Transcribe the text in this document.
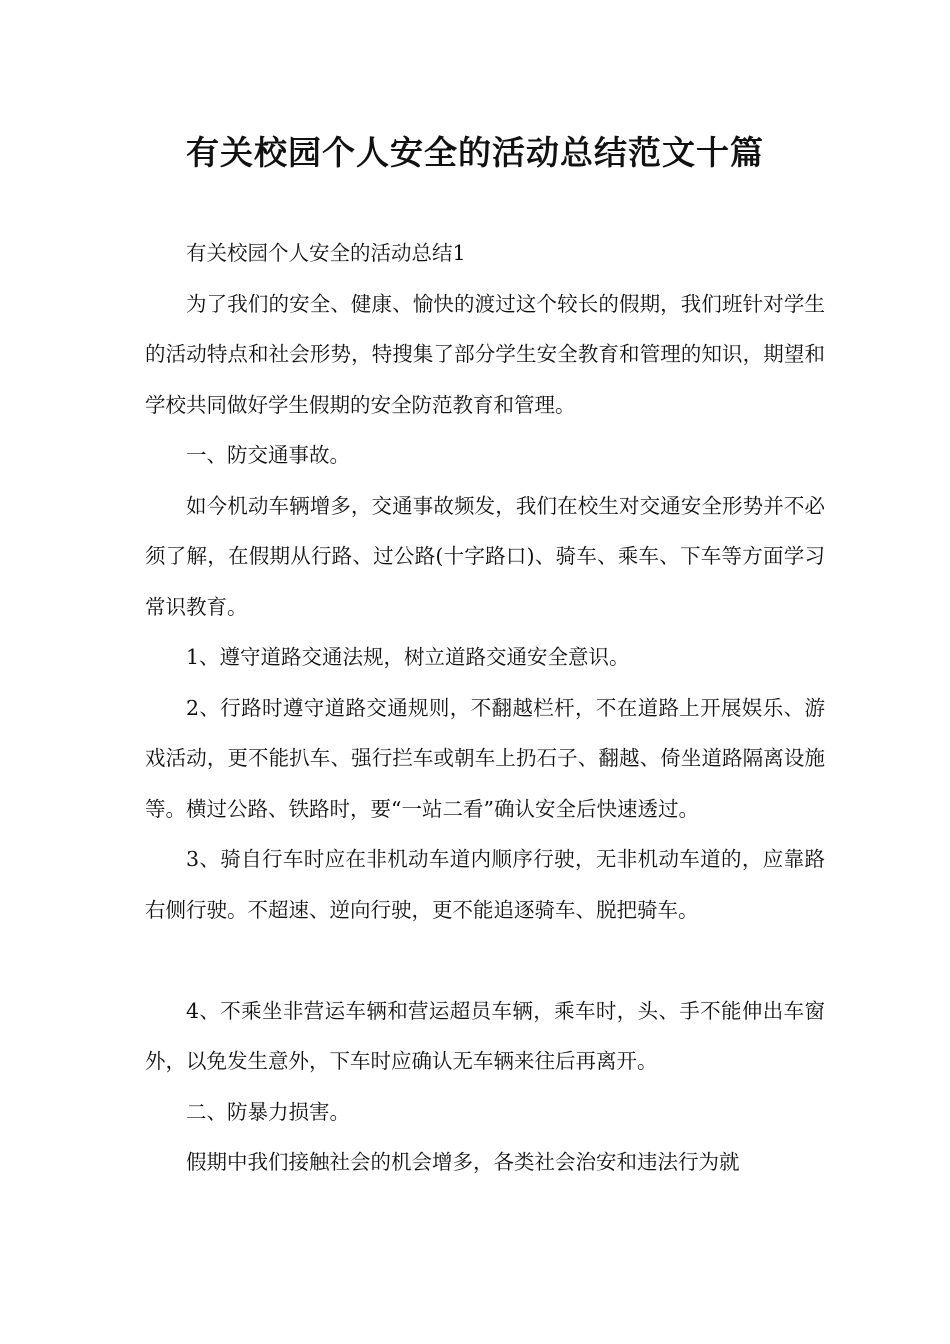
有关校园个人安全的活动总结范文十篇

有关校园个人安全的活动总结1

为了我们的安全、健康、愉快的渡过这个较长的假期，我们班针对学生的活动特点和社会形势，特搜集了部分学生安全教育和管理的知识，期望和学校共同做好学生假期的安全防范教育和管理。

一、防交通事故。

如今机动车辆增多，交通事故频发，我们在校生对交通安全形势并不必须了解，在假期从行路、过公路(十字路口)、骑车、乘车、下车等方面学习常识教育。

1、遵守道路交通法规，树立道路交通安全意识。

2、行路时遵守道路交通规则，不翻越栏杆，不在道路上开展娱乐、游戏活动，更不能扒车、强行拦车或朝车上扔石子、翻越、倚坐道路隔离设施等。横过公路、铁路时，要“一站二看”确认安全后快速透过。

3、骑自行车时应在非机动车道内顺序行驶，无非机动车道的，应靠路右侧行驶。不超速、逆向行驶，更不能追逐骑车、脱把骑车。

4、不乘坐非营运车辆和营运超员车辆，乘车时，头、手不能伸出车窗外，以免发生意外，下车时应确认无车辆来往后再离开。

二、防暴力损害。

假期中我们接触社会的机会增多，各类社会治安和违法行为就
